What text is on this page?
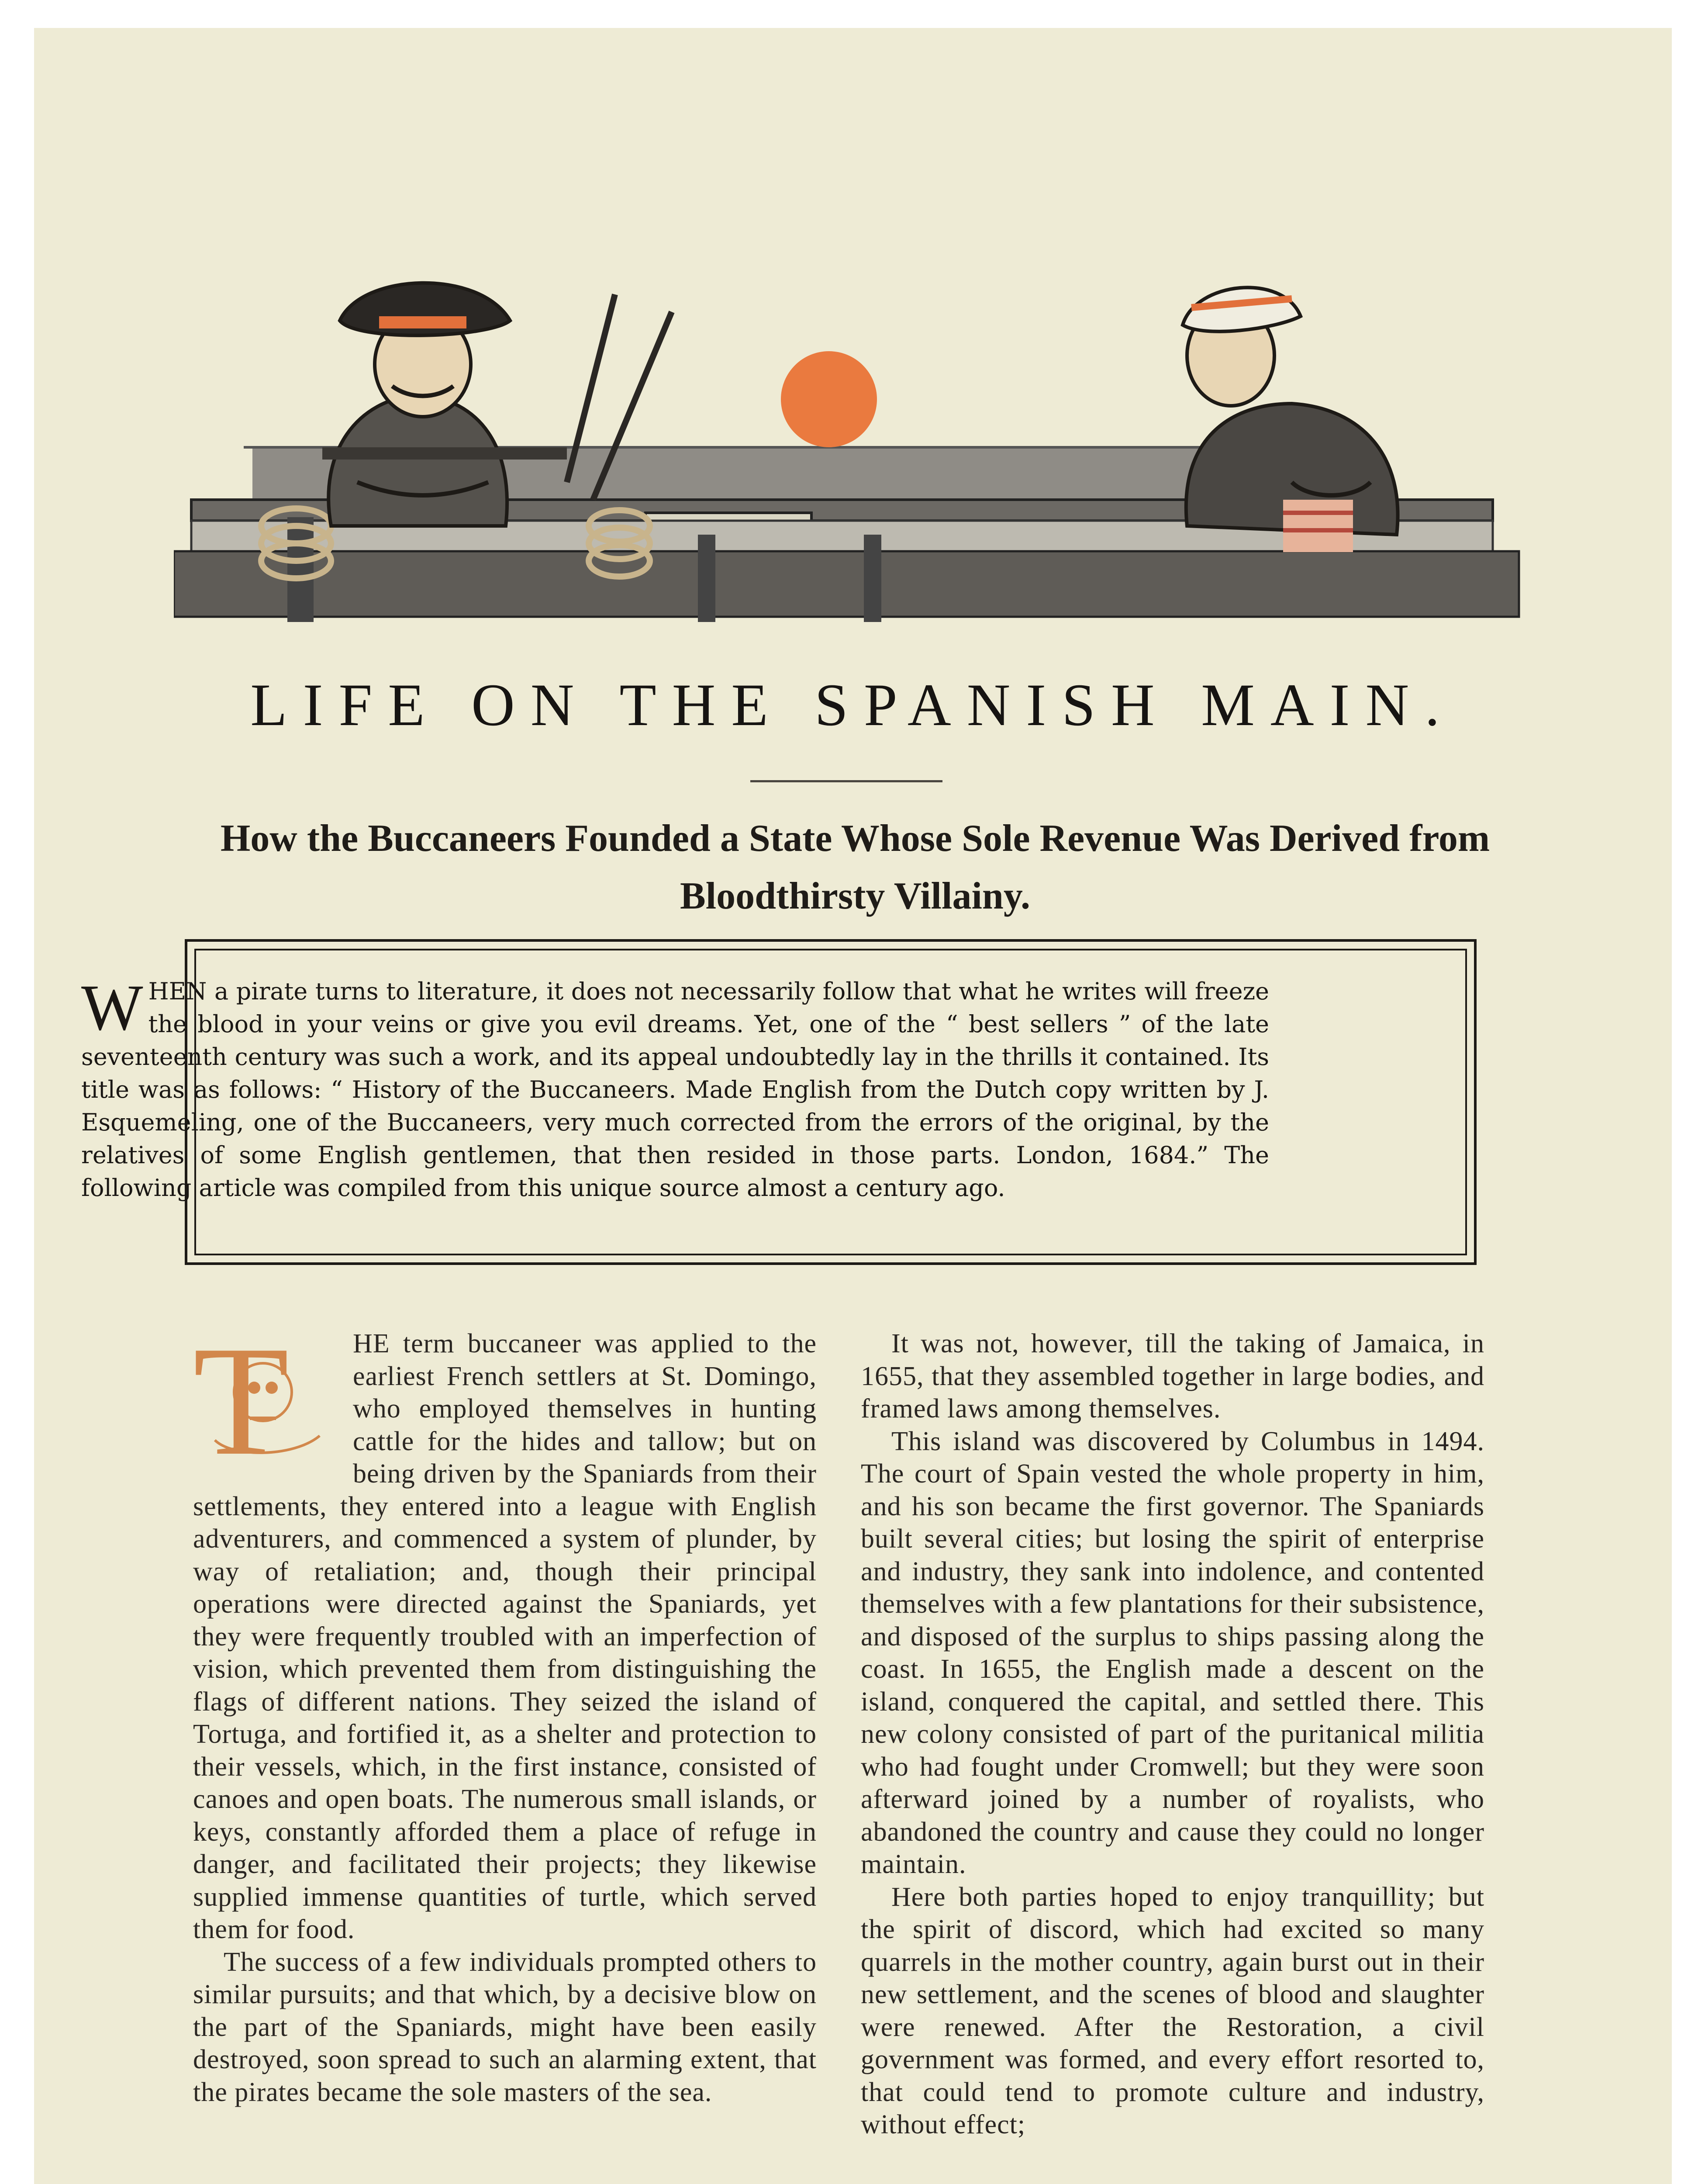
LIFE ON THE SPANISH MAIN.
How the Buccaneers Founded a State Whose Sole Revenue Was Derived from Bloodthirsty Villainy.
WHEN a pirate turns to literature, it does not necessarily follow that what he writes will freeze the blood in your veins or give you evil dreams. Yet, one of the “ best sellers ” of the late seventeenth century was such a work, and its appeal undoubtedly lay in the thrills it contained. Its title was as follows: “ History of the Buccaneers. Made English from the Dutch copy written by J. Esquemeling, one of the Buccaneers, very much corrected from the errors of the original, by the relatives of some English gentlemen, that then resided in those parts. London, 1684.” The following article was compiled from this unique source almost a century ago.
T	HE term buccaneer was applied to the earliest French settlers at St. Domingo, who employed themselves in hunting cattle for the hides and tallow; but on being driven by the Spaniards from their settlements, they entered into a league with English adventurers, and commenced a system of plunder, by way of retaliation; and, though their principal operations were directed against the Spaniards, yet they were frequently troubled with an imperfection of vision, which prevented them from distinguishing the flags of different nations. They seized the island of Tortuga, and fortified it, as a shelter and protection to their vessels, which, in the first instance, consisted of canoes and open boats. The numerous small islands, or keys, constantly afforded them a place of refuge in danger, and facilitated their projects; they likewise supplied immense quantities of turtle, which served them for food.

The success of a few individuals prompted others to similar pursuits; and that which, by a decisive blow on the part of the Spaniards, might have been easily destroyed, soon spread to such an alarming extent, that the pirates became the sole masters of the sea.

It was not, however, till the taking of Jamaica, in 1655, that they assembled together in large bodies, and framed laws among themselves.

This island was discovered by Columbus in 1494. The court of Spain vested the whole property in him, and his son became the first governor. The Spaniards built several cities; but losing the spirit of enterprise and industry, they sank into indolence, and contented themselves with a few plantations for their subsistence, and disposed of the surplus to ships passing along the coast. In 1655, the English made a descent on the island, conquered the capital, and settled there. This new colony consisted of part of the puritanical militia who had fought under Cromwell; but they were soon afterward joined by a number of royalists, who abandoned the country and cause they could no longer maintain.

Here both parties hoped to enjoy tranquillity; but the spirit of discord, which had excited so many quarrels in the mother country, again burst out in their new settlement, and the scenes of blood and slaughter were renewed. After the Restoration, a civil government was formed, and every effort resorted to, that could tend to promote culture and industry, without effect;
